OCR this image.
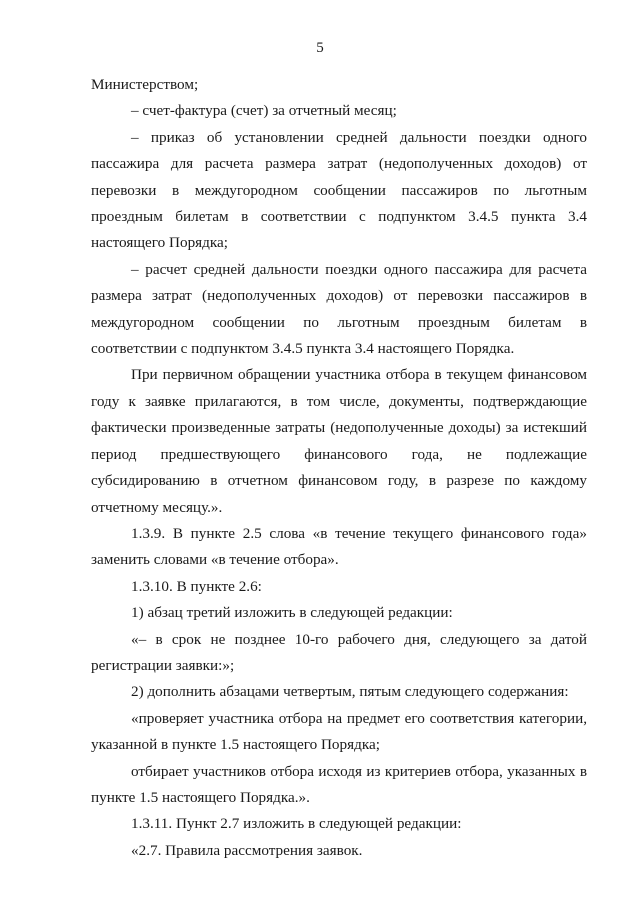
5

Министерством;

– счет-фактура (счет) за отчетный месяц;

– приказ об установлении средней дальности поездки одного пассажира для расчета размера затрат (недополученных доходов) от перевозки в междугородном сообщении пассажиров по льготным проездным билетам в соответствии с подпунктом 3.4.5 пункта 3.4 настоящего Порядка;

– расчет средней дальности поездки одного пассажира для расчета размера затрат (недополученных доходов) от перевозки пассажиров в междугородном сообщении по льготным проездным билетам в соответствии с подпунктом 3.4.5 пункта 3.4 настоящего Порядка.

При первичном обращении участника отбора в текущем финансовом году к заявке прилагаются, в том числе, документы, подтверждающие фактически произведенные затраты (недополученные доходы) за истекший период предшествующего финансового года, не подлежащие субсидированию в отчетном финансовом году, в разрезе по каждому отчетному месяцу.».

1.3.9. В пункте 2.5 слова «в течение текущего финансового года» заменить словами «в течение отбора».

1.3.10. В пункте 2.6:

1) абзац третий изложить в следующей редакции:

«– в срок не позднее 10-го рабочего дня, следующего за датой регистрации заявки:»;

2) дополнить абзацами четвертым, пятым следующего содержания:

«проверяет участника отбора на предмет его соответствия категории, указанной в пункте 1.5 настоящего Порядка;

отбирает участников отбора исходя из критериев отбора, указанных в пункте 1.5 настоящего Порядка.».

1.3.11. Пункт 2.7 изложить в следующей редакции:

«2.7. Правила рассмотрения заявок.
